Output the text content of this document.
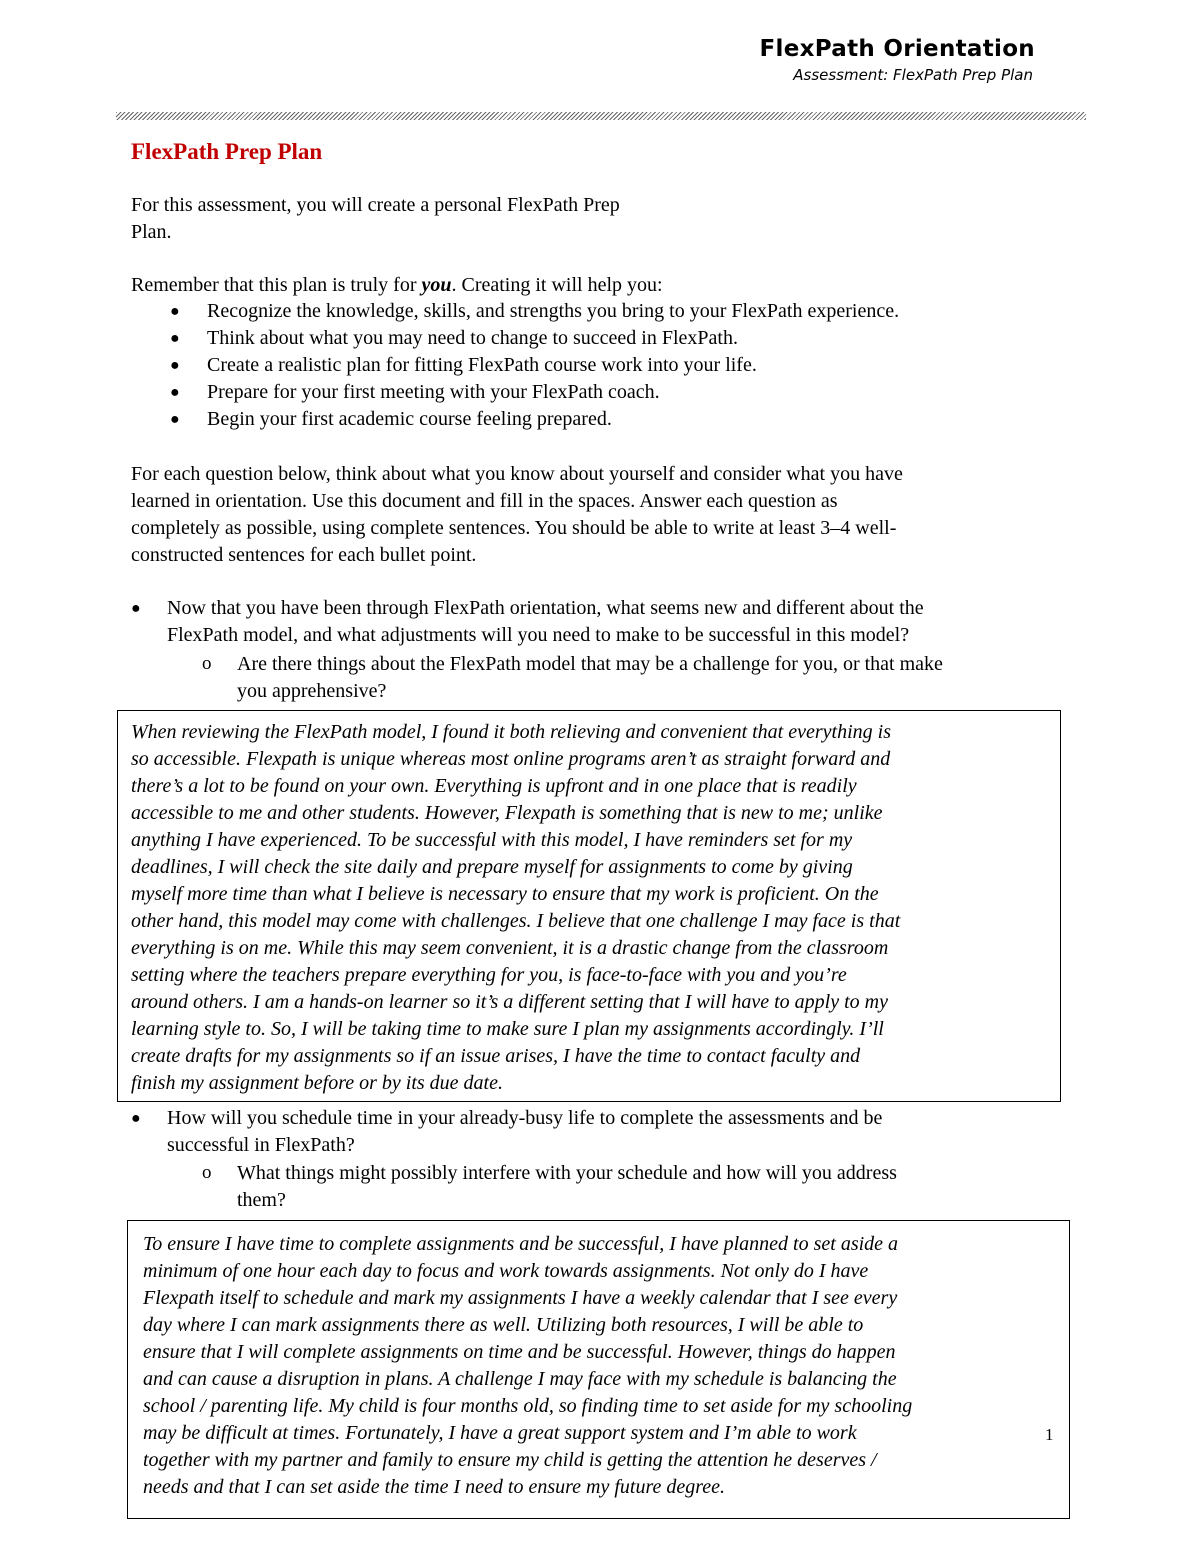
FlexPath Orientation
Assessment: FlexPath Prep Plan
FlexPath Prep Plan

For this assessment, you will create a personal FlexPath Prep

Plan.

Remember that this plan is truly for you. Creating it will help you:

● Recognize the knowledge, skills, and strengths you bring to your FlexPath experience.

● Think about what you may need to change to succeed in FlexPath.

● Create a realistic plan for fitting FlexPath course work into your life.

● Prepare for your first meeting with your FlexPath coach.

● Begin your first academic course feeling prepared.

For each question below, think about what you know about yourself and consider what you have

learned in orientation. Use this document and fill in the spaces. Answer each question as

completely as possible, using complete sentences. You should be able to write at least 3–4 well-

constructed sentences for each bullet point.

● Now that you have been through FlexPath orientation, what seems new and different about the

FlexPath model, and what adjustments will you need to make to be successful in this model?

o Are there things about the FlexPath model that may be a challenge for you, or that make

you apprehensive?

When reviewing the FlexPath model, I found it both relieving and convenient that everything is

so accessible. Flexpath is unique whereas most online programs aren’t as straight forward and

there’s a lot to be found on your own. Everything is upfront and in one place that is readily

accessible to me and other students. However, Flexpath is something that is new to me; unlike

anything I have experienced. To be successful with this model, I have reminders set for my

deadlines, I will check the site daily and prepare myself for assignments to come by giving

myself more time than what I believe is necessary to ensure that my work is proficient. On the

other hand, this model may come with challenges. I believe that one challenge I may face is that

everything is on me. While this may seem convenient, it is a drastic change from the classroom

setting where the teachers prepare everything for you, is face-to-face with you and you’re

around others. I am a hands-on learner so it’s a different setting that I will have to apply to my

learning style to. So, I will be taking time to make sure I plan my assignments accordingly. I’ll

create drafts for my assignments so if an issue arises, I have the time to contact faculty and

finish my assignment before or by its due date.

● How will you schedule time in your already-busy life to complete the assessments and be

successful in FlexPath?

o What things might possibly interfere with your schedule and how will you address

them?

To ensure I have time to complete assignments and be successful, I have planned to set aside a

minimum of one hour each day to focus and work towards assignments. Not only do I have

Flexpath itself to schedule and mark my assignments I have a weekly calendar that I see every

day where I can mark assignments there as well. Utilizing both resources, I will be able to

ensure that I will complete assignments on time and be successful. However, things do happen

and can cause a disruption in plans. A challenge I may face with my schedule is balancing the

school / parenting life. My child is four months old, so finding time to set aside for my schooling

may be difficult at times. Fortunately, I have a great support system and I’m able to work

together with my partner and family to ensure my child is getting the attention he deserves /

needs and that I can set aside the time I need to ensure my future degree.

1
